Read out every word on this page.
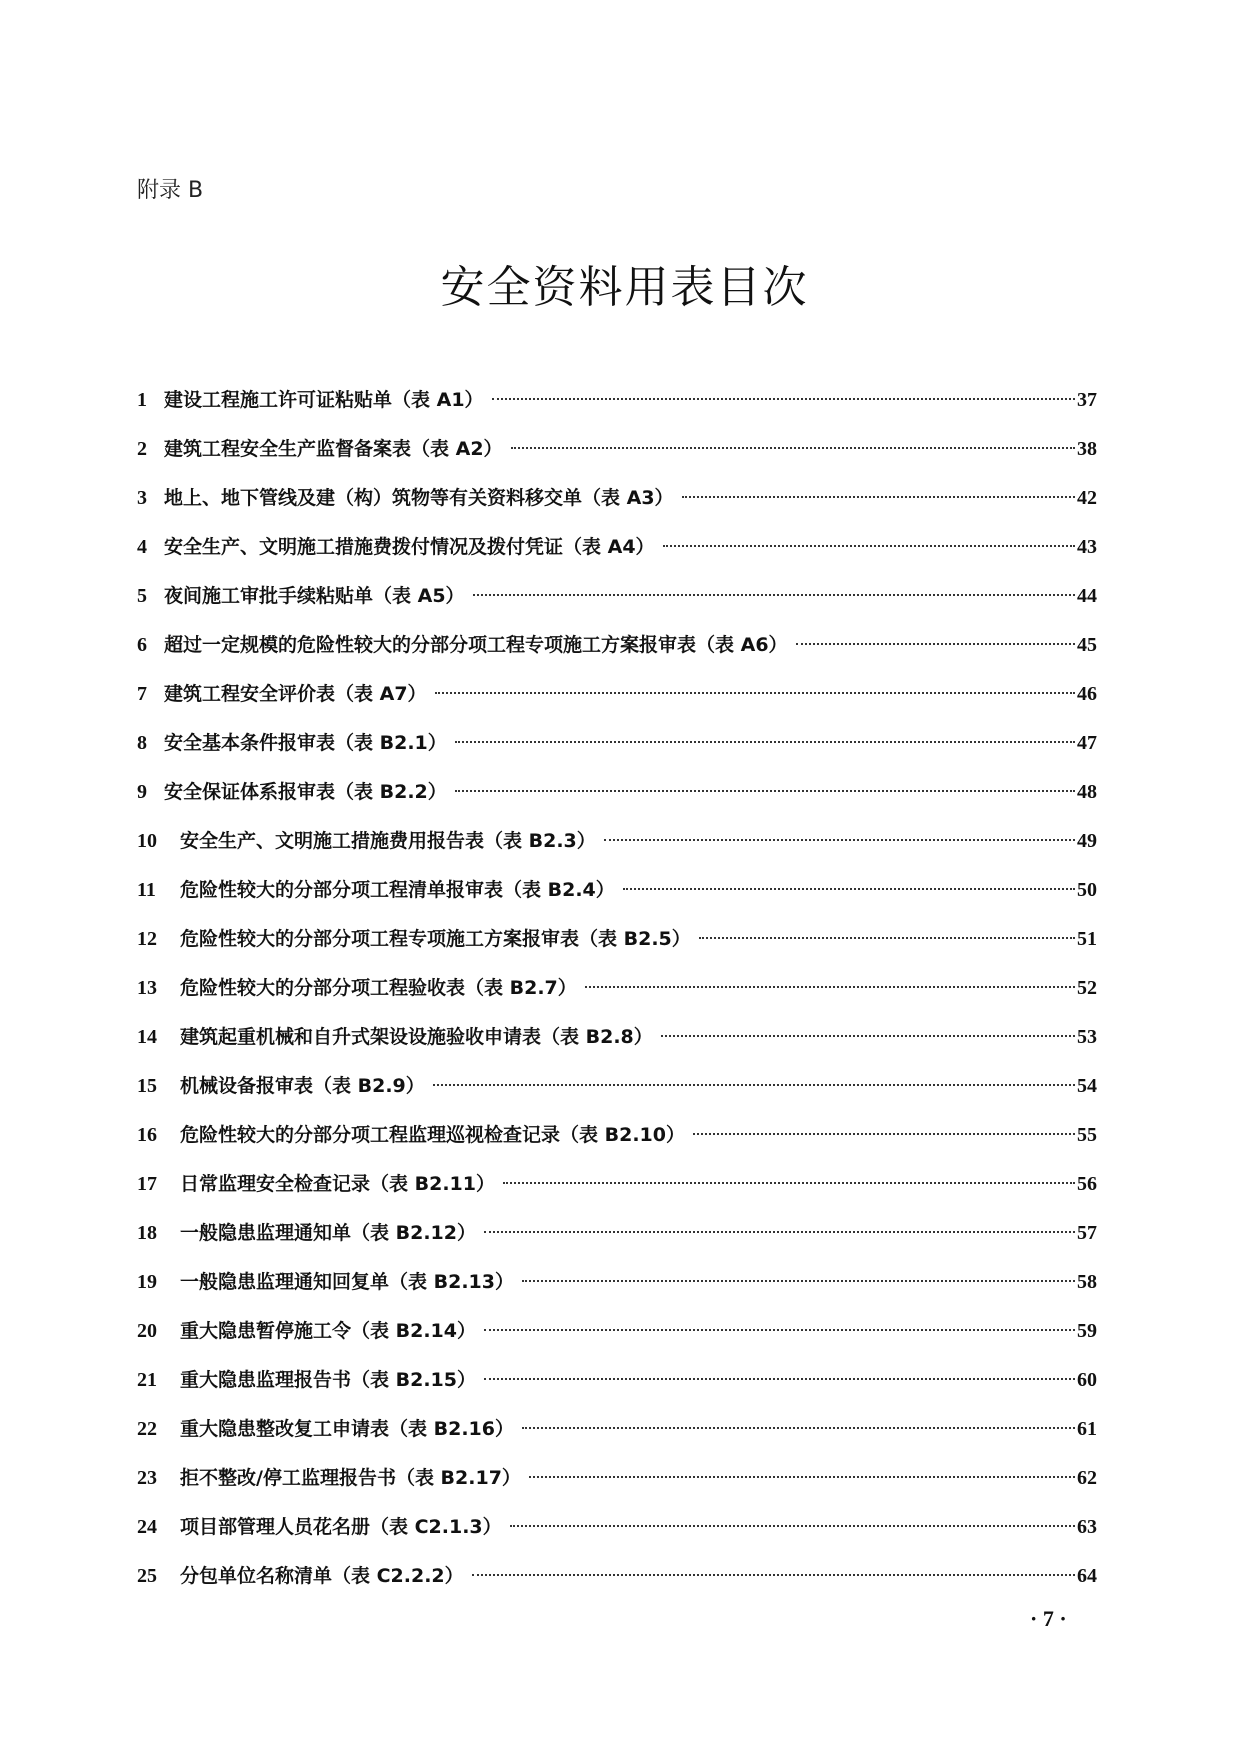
附录 B
安全资料用表目次
1 建设工程施工许可证粘贴单（表 A1）	37
2 建筑工程安全生产监督备案表（表 A2）	38
3 地上、地下管线及建（构）筑物等有关资料移交单（表 A3）	42
4 安全生产、文明施工措施费拨付情况及拨付凭证（表 A4）	43
5 夜间施工审批手续粘贴单（表 A5）	44
6 超过一定规模的危险性较大的分部分项工程专项施工方案报审表（表 A6）	45
7 建筑工程安全评价表（表 A7）	46
8 安全基本条件报审表（表 B2.1）	47
9 安全保证体系报审表（表 B2.2）	48
10	安全生产、文明施工措施费用报告表（表 B2.3）	49
11	危险性较大的分部分项工程清单报审表（表 B2.4）	50
12	危险性较大的分部分项工程专项施工方案报审表（表 B2.5）	51
13	危险性较大的分部分项工程验收表（表 B2.7）	52
14	建筑起重机械和自升式架设设施验收申请表（表 B2.8）	53
15	机械设备报审表（表 B2.9）	54
16	危险性较大的分部分项工程监理巡视检查记录（表 B2.10）	55
17	日常监理安全检查记录（表 B2.11）	56
18	一般隐患监理通知单（表 B2.12）	57
19	一般隐患监理通知回复单（表 B2.13）	58
20	重大隐患暂停施工令（表 B2.14）	59
21	重大隐患监理报告书（表 B2.15）	60
22	重大隐患整改复工申请表（表 B2.16）	61
23	拒不整改/停工监理报告书（表 B2.17）	62
24	项目部管理人员花名册（表 C2.1.3）	63
25	分包单位名称清单（表 C2.2.2）	64
· 7 ·
